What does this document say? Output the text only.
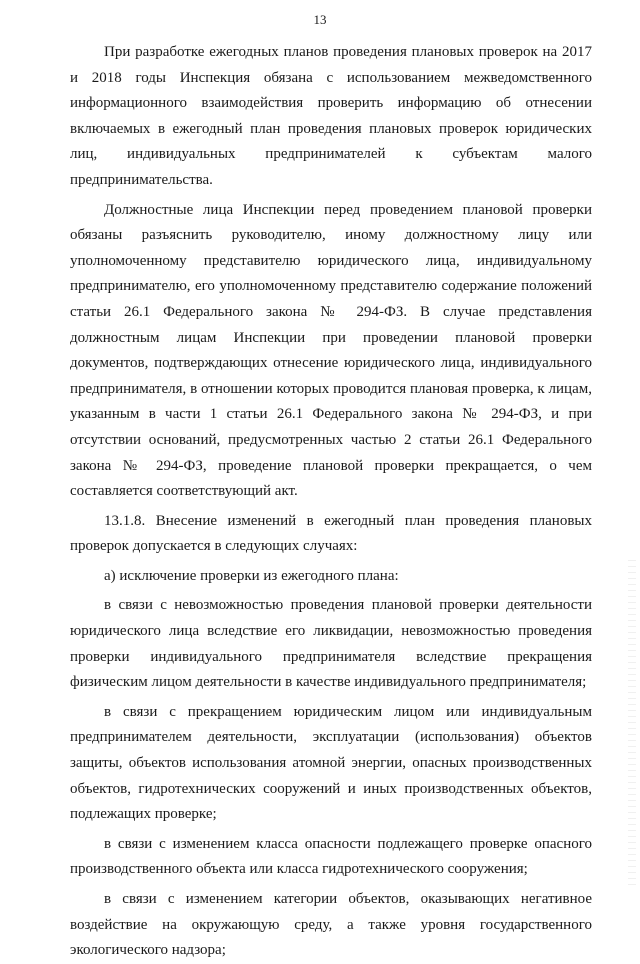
13

При разработке ежегодных планов проведения плановых проверок на 2017 и 2018 годы Инспекция обязана с использованием межведомственного информационного взаимодействия проверить информацию об отнесении включаемых в ежегодный план проведения плановых проверок юридических лиц, индивидуальных предпринимателей к субъектам малого предпринимательства.

Должностные лица Инспекции перед проведением плановой проверки обязаны разъяснить руководителю, иному должностному лицу или уполномоченному представителю юридического лица, индивидуальному предпринимателю, его уполномоченному представителю содержание положений статьи 26.1 Федерального закона № 294-ФЗ. В случае представления должностным лицам Инспекции при проведении плановой проверки документов, подтверждающих отнесение юридического лица, индивидуального предпринимателя, в отношении которых проводится плановая проверка, к лицам, указанным в части 1 статьи 26.1 Федерального закона № 294-ФЗ, и при отсутствии оснований, предусмотренных частью 2 статьи 26.1 Федерального закона № 294-ФЗ, проведение плановой проверки прекращается, о чем составляется соответствующий акт.

13.1.8. Внесение изменений в ежегодный план проведения плановых проверок допускается в следующих случаях:

а) исключение проверки из ежегодного плана:

в связи с невозможностью проведения плановой проверки деятельности юридического лица вследствие его ликвидации, невозможностью проведения проверки индивидуального предпринимателя вследствие прекращения физическим лицом деятельности в качестве индивидуального предпринимателя;

в связи с прекращением юридическим лицом или индивидуальным предпринимателем деятельности, эксплуатации (использования) объектов защиты, объектов использования атомной энергии, опасных производственных объектов, гидротехнических сооружений и иных производственных объектов, подлежащих проверке;

в связи с изменением класса опасности подлежащего проверке опасного производственного объекта или класса гидротехнического сооружения;

в связи с изменением категории объектов, оказывающих негативное воздействие на окружающую среду, а также уровня государственного экологического надзора;
